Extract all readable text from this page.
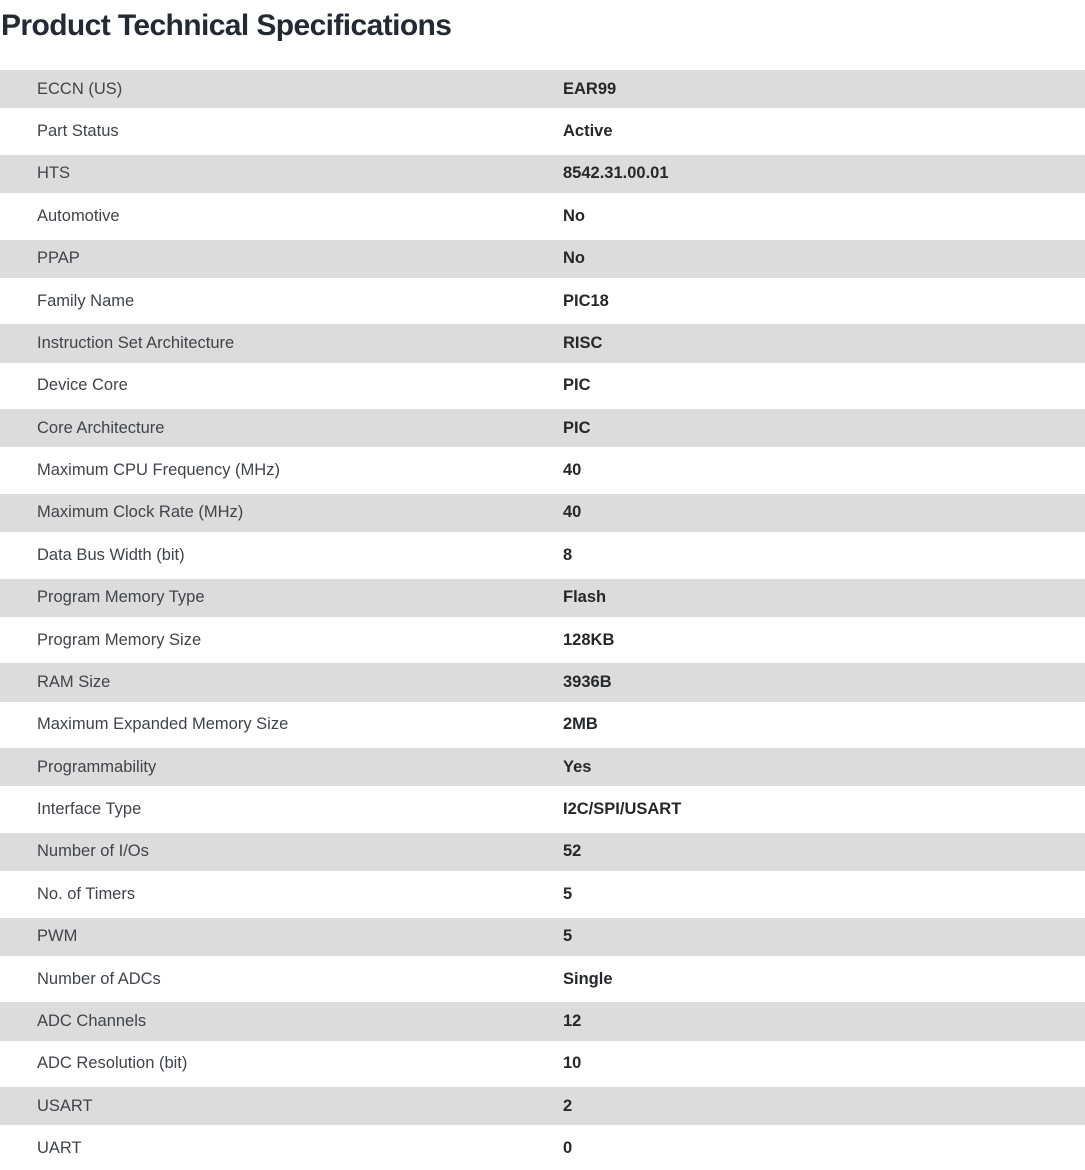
Product Technical Specifications
ECCN (US)	EAR99
Part Status	Active
HTS	8542.31.00.01
Automotive	No
PPAP	No
Family Name	PIC18
Instruction Set Architecture	RISC
Device Core	PIC
Core Architecture	PIC
Maximum CPU Frequency (MHz)	40
Maximum Clock Rate (MHz)	40
Data Bus Width (bit)	8
Program Memory Type	Flash
Program Memory Size	128KB
RAM Size	3936B
Maximum Expanded Memory Size	2MB
Programmability	Yes
Interface Type	I2C/SPI/USART
Number of I/Os	52
No. of Timers	5
PWM	5
Number of ADCs	Single
ADC Channels	12
ADC Resolution (bit)	10
USART	2
UART	0
